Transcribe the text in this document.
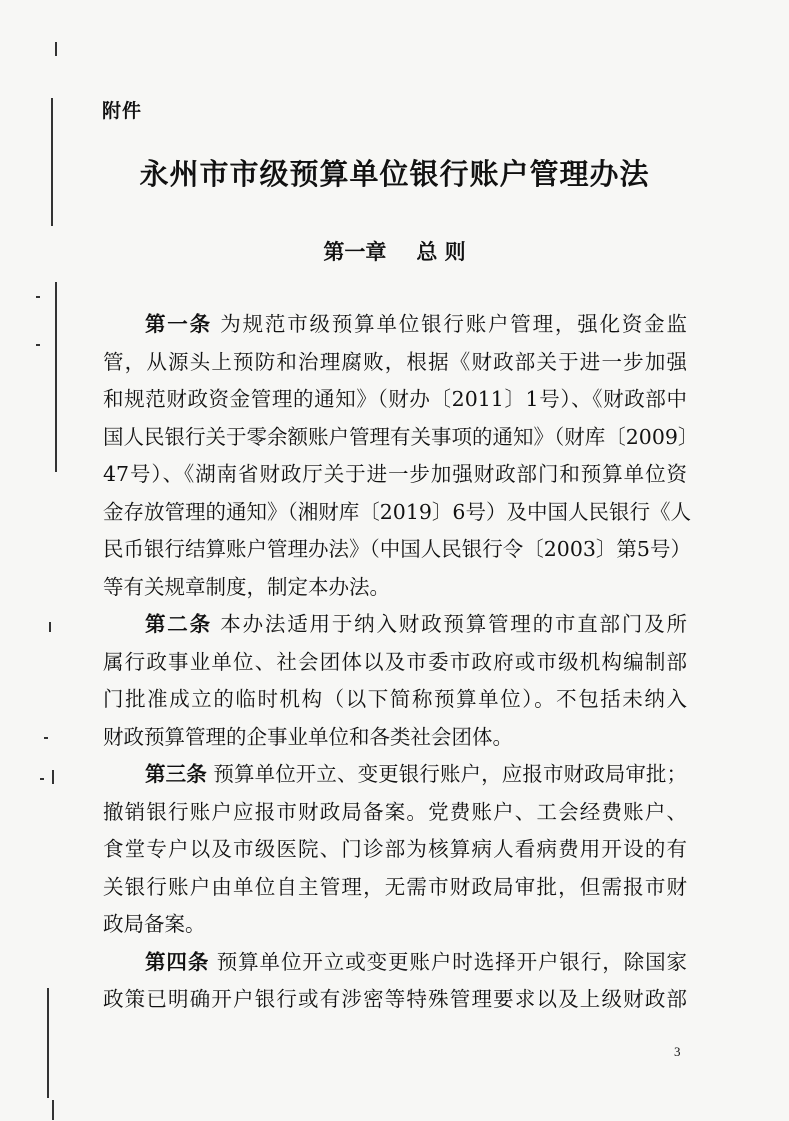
附件
永州市市级预算单位银行账户管理办法
第一章 总 则
第一条 为规范市级预算单位银行账户管理，强化资金监
管，从源头上预防和治理腐败，根据《财政部关于进一步加强
和规范财政资金管理的通知》（财办〔2011〕1号）、《财政部中
国人民银行关于零余额账户管理有关事项的通知》（财库〔2009〕
47号）、《湖南省财政厅关于进一步加强财政部门和预算单位资
金存放管理的通知》（湘财库〔2019〕6号）及中国人民银行《人
民币银行结算账户管理办法》（中国人民银行令〔2003〕第5号）
等有关规章制度，制定本办法。
第二条 本办法适用于纳入财政预算管理的市直部门及所
属行政事业单位、社会团体以及市委市政府或市级机构编制部
门批准成立的临时机构（以下简称预算单位）。不包括未纳入
财政预算管理的企事业单位和各类社会团体。
第三条 预算单位开立、变更银行账户，应报市财政局审批；
撤销银行账户应报市财政局备案。党费账户、工会经费账户、
食堂专户以及市级医院、门诊部为核算病人看病费用开设的有
关银行账户由单位自主管理，无需市财政局审批，但需报市财
政局备案。
第四条 预算单位开立或变更账户时选择开户银行，除国家
政策已明确开户银行或有涉密等特殊管理要求以及上级财政部
3
